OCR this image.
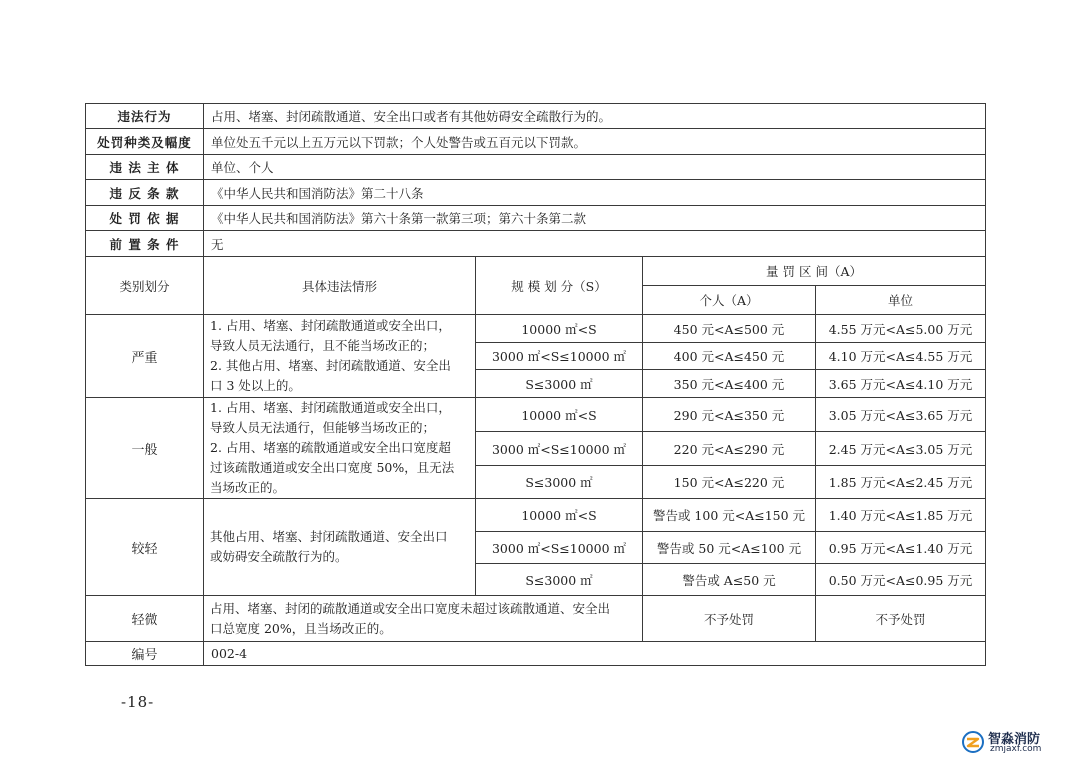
违法行为	占用、堵塞、封闭疏散通道、安全出口或者有其他妨碍安全疏散行为的。			
处罚种类及幅度	单位处五千元以上五万元以下罚款；个人处警告或五百元以下罚款。			
违 法 主 体	单位、个人			
违 反 条 款	《中华人民共和国消防法》第二十八条			
处 罚 依 据	《中华人民共和国消防法》第六十条第一款第三项；第六十条第二款			
前 置 条 件	无			
类别划分	具体违法情形	规 模 划 分（S）	量 罚 区 间（A）	
			个人（A）	单位
严重	1. 占用、堵塞、封闭疏散通道或安全出口，
导致人员无法通行，且不能当场改正的；
2. 其他占用、堵塞、封闭疏散通道、安全出
口 3 处以上的。	10000 ㎡<S	450 元<A≤500 元	4.55 万元<A≤5.00 万元
		3000 ㎡<S≤10000 ㎡	400 元<A≤450 元	4.10 万元<A≤4.55 万元
		S≤3000 ㎡	350 元<A≤400 元	3.65 万元<A≤4.10 万元
一般	1. 占用、堵塞、封闭疏散通道或安全出口，
导致人员无法通行，但能够当场改正的；
2. 占用、堵塞的疏散通道或安全出口宽度超
过该疏散通道或安全出口宽度 50%，且无法
当场改正的。	10000 ㎡<S	290 元<A≤350 元	3.05 万元<A≤3.65 万元
		3000 ㎡<S≤10000 ㎡	220 元<A≤290 元	2.45 万元<A≤3.05 万元
		S≤3000 ㎡	150 元<A≤220 元	1.85 万元<A≤2.45 万元
较轻	其他占用、堵塞、封闭疏散通道、安全出口
或妨碍安全疏散行为的。	10000 ㎡<S	警告或 100 元<A≤150 元	1.40 万元<A≤1.85 万元
		3000 ㎡<S≤10000 ㎡	警告或 50 元<A≤100 元	0.95 万元<A≤1.40 万元
		S≤3000 ㎡	警告或 A≤50 元	0.50 万元<A≤0.95 万元
轻微	占用、堵塞、封闭的疏散通道或安全出口宽度未超过该疏散通道、安全出
口总宽度 20%，且当场改正的。		不予处罚	不予处罚
编号	002-4			
-18-
智淼消防
zmjaxf.com
